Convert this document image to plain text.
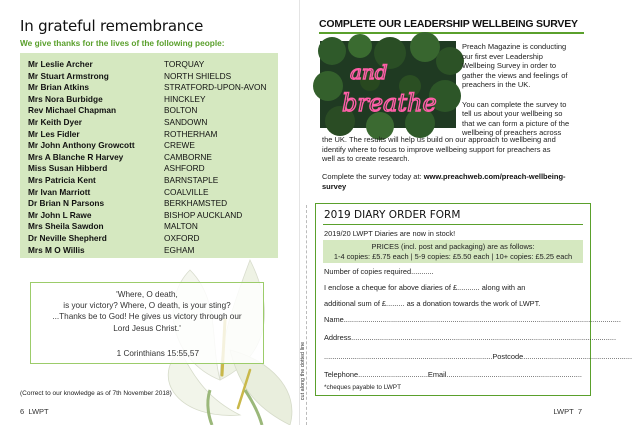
In grateful remembrance
We give thanks for the lives of the following people:
Mr Leslie Archer	TORQUAY
Mr Stuart Armstrong	NORTH SHIELDS
Mr Brian Atkins	STRATFORD-UPON-AVON
Mrs Nora Burbidge	HINCKLEY
Rev Michael Chapman	BOLTON
Mr Keith Dyer	SANDOWN
Mr Les Fidler	ROTHERHAM
Mr John Anthony Growcott	CREWE
Mrs A Blanche R Harvey	CAMBORNE
Miss Susan Hibberd	ASHFORD
Mrs Patricia Kent	BARNSTAPLE
Mr Ivan Marriott	COALVILLE
Dr Brian N Parsons	BERKHAMSTED
Mr John L Rawe	BISHOP AUCKLAND
Mrs Sheila Sawdon	MALTON
Dr Neville Shepherd	OXFORD
Mrs M O Willis	EGHAM
'Where, O death,
is your victory? Where, O death, is your sting?
...Thanks be to God! He gives us victory through our
Lord Jesus Christ.'
1 Corinthians 15:55,57
(Correct to our knowledge as of 7th November 2018)
6 LWPT
COMPLETE OUR LEADERSHIP WELLBEING SURVEY
and
breathe
Preach Magazine is conducting
our first ever Leadership
Wellbeing Survey in order to
gather the views and feelings of
preachers in the UK.
You can complete the survey to
tell us about your wellbeing so
that we can form a picture of the
wellbeing of preachers across
the UK. The results will help us build on our approach to wellbeing and
identify where to focus to improve wellbeing support for preachers as
well as to create research.
Complete the survey today at: www.preachweb.com/preach-wellbeing-
survey
cut along the dotted line
2019 DIARY ORDER FORM
2019/20 LWPT Diaries are now in stock!
PRICES (incl. post and packaging) are as follows:
1-4 copies: £5.75 each | 5-9 copies: £5.50 each | 10+ copies: £5.25 each
Number of copies required...........
I enclose a cheque for above diaries of £........... along with an
additional sum of £......... as a donation towards the work of LWPT.
Name.......................................................................................................................................
Address.................................................................................................................................
..................................................................................Postcode.....................................................
Telephone..................................Email..................................................................
*cheques payable to LWPT
LWPT 7
